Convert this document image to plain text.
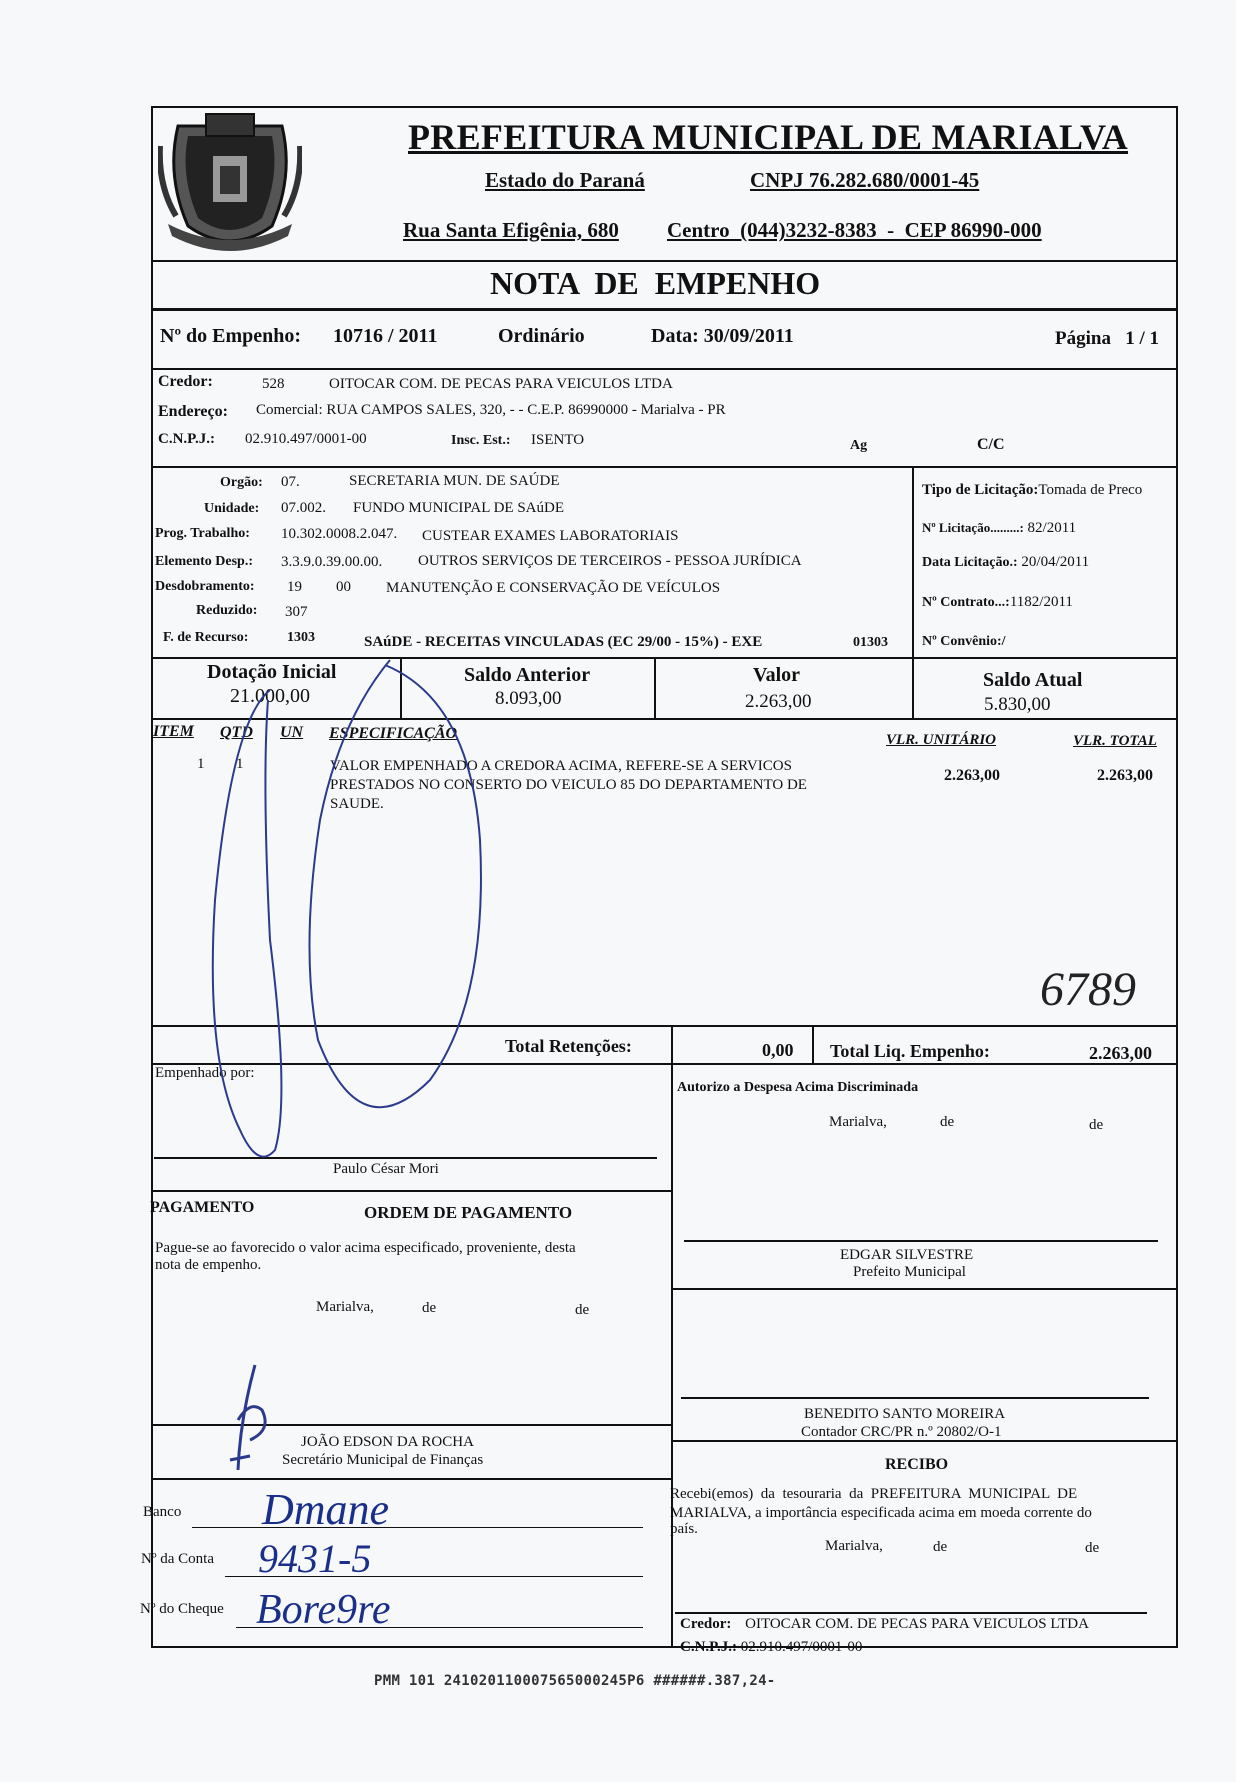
PREFEITURA MUNICIPAL DE MARIALVA
Estado do Paraná	CNPJ 76.282.680/0001-45
Rua Santa Efigênia, 680 Centro  (044)3232-8383  -  CEP 86990-000
NOTA  DE  EMPENHO
Nº do Empenho: 10716 / 2011	Ordinário	Data: 30/09/2011	Página   1 / 1
Credor:	528	OITOCAR COM. DE PECAS PARA VEICULOS LTDA
Endereço: Comercial: RUA CAMPOS SALES, 320, - - C.E.P. 86990000 - Marialva - PR
C.N.P.J.: 02.910.497/0001-00	Insc. Est.: ISENTO	Ag	C/C
Orgão: 07.	SECRETARIA MUN. DE SAÚDE
Unidade: 07.002. FUNDO MUNICIPAL DE SAúDE
Prog. Trabalho: 10.302.0008.2.047. CUSTEAR EXAMES LABORATORIAIS
Elemento Desp.: 3.3.9.0.39.00.00. OUTROS SERVIÇOS DE TERCEIROS - PESSOA JURÍDICA
Desdobramento: 19 00 MANUTENÇÃO E CONSERVAÇÃO DE VEÍCULOS
Reduzido: 307
F. de Recurso:	1303	SAúDE - RECEITAS VINCULADAS (EC 29/00 - 15%) - EXE	01303
Tipo de Licitação:Tomada de Preco
Nº Licitação.........: 82/2011
Data Licitação.: 20/04/2011
Nº Contrato...:1182/2011
Nº Convênio:/
Dotação Inicial
21.000,00
Saldo Anterior
8.093,00
Valor
2.263,00
Saldo Atual
5.830,00
ITEM QTD UN ESPECIFICAÇÃO	VLR. UNITÁRIO	VLR. TOTAL
1 1	VALOR EMPENHADO A CREDORA ACIMA, REFERE-SE A SERVICOS
PRESTADOS NO CONSERTO DO VEICULO 85 DO DEPARTAMENTO DE
SAUDE.
2.263,00	2.263,00
6789
Total Retenções:	0,00 Total Liq. Empenho:	2.263,00
Empenhado por:
Paulo César Mori
Autorizo a Despesa Acima Discriminada
Marialva,	de	de
EDGAR SILVESTRE
Prefeito Municipal
PAGAMENTO	ORDEM DE PAGAMENTO
Pague-se ao favorecido o valor acima especificado, proveniente, desta
nota de empenho.
Marialva,	de	de
JOÃO EDSON DA ROCHA
Secretário Municipal de Finanças
BENEDITO SANTO MOREIRA
Contador CRC/PR n.º 20802/O-1
Banco Dmane
Nº da Conta 9431-5
Nº do Cheque Bore9re
RECIBO
Recebi(emos)  da  tesouraria  da  PREFEITURA  MUNICIPAL  DE
MARIALVA, a importância especificada acima em moeda corrente do
país.
Marialva,	de	de
Credor: OITOCAR COM. DE PECAS PARA VEICULOS LTDA
C.N.P.J.: 02.910.497/0001-00
PMM 101 241020110007565000245P6 ######.387,24-
